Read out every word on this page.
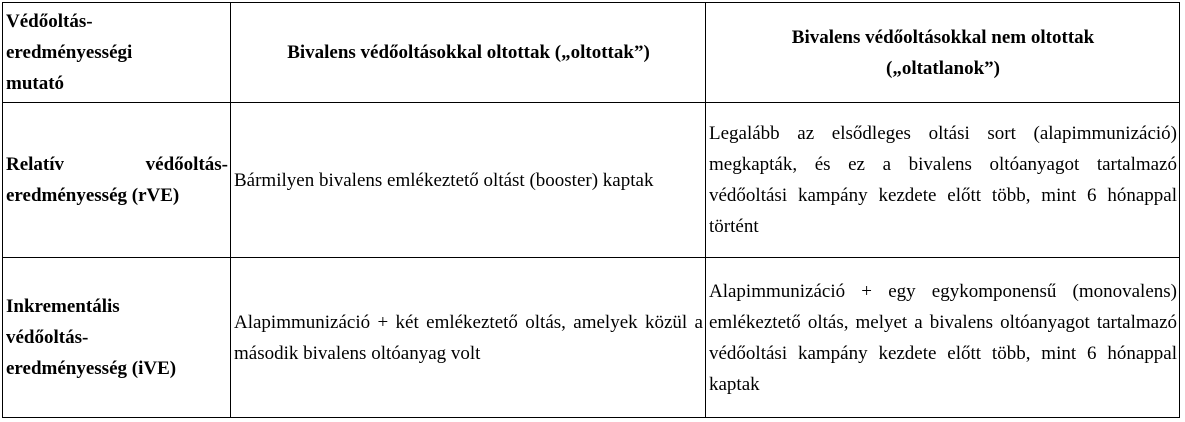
Védőoltás-
eredményességi
mutató	Bivalens védőoltásokkal oltottak („oltottak”)	Bivalens védőoltásokkal nem oltottak
(„oltatlanok”)

Relatív védőoltás-
eredményesség (rVE)	Bármilyen bivalens emlékeztető oltást (booster) kaptak	Legalább az elsődleges oltási sort (alapimmunizáció) megkapták, és ez a bivalens oltóanyagot tartalmazó védőoltási kampány kezdete előtt több, mint 6 hónappal történt

Inkrementális
védőoltás-
eredményesség (iVE)	Alapimmunizáció + két emlékeztető oltás, amelyek közül a második bivalens oltóanyag volt	Alapimmunizáció + egy egykomponensű (monovalens) emlékeztető oltás, melyet a bivalens oltóanyagot tartalmazó védőoltási kampány kezdete előtt több, mint 6 hónappal kaptak
